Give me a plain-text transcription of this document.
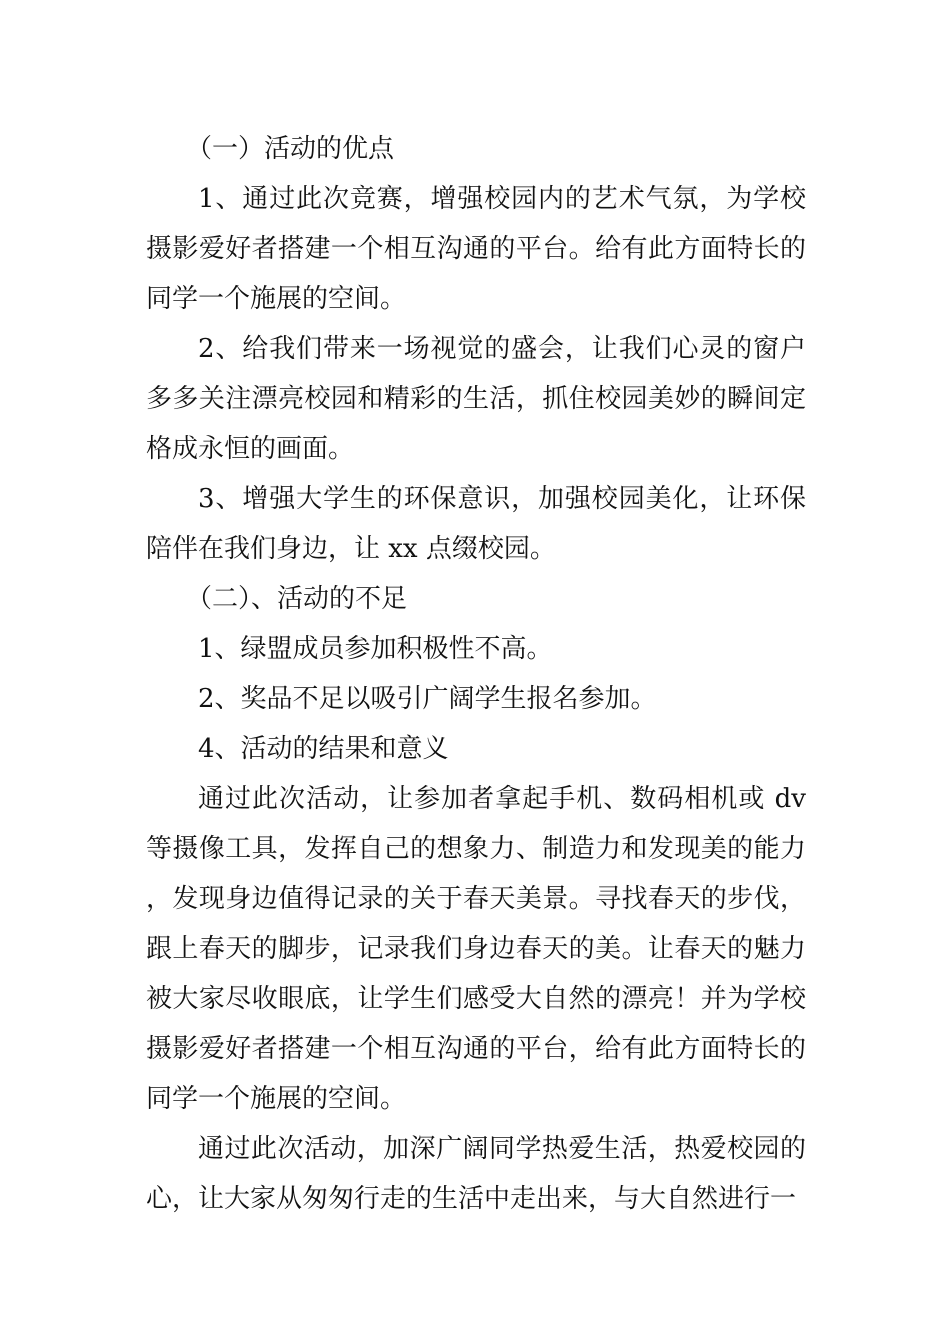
（一）活动的优点

1、通过此次竞赛，增强校园内的艺术气氛，为学校摄影爱好者搭建一个相互沟通的平台。给有此方面特长的同学一个施展的空间。

2、给我们带来一场视觉的盛会，让我们心灵的窗户多多关注漂亮校园和精彩的生活，抓住校园美妙的瞬间定格成永恒的画面。

3、增强大学生的环保意识，加强校园美化，让环保陪伴在我们身边，让 xx 点缀校园。

（二）、活动的不足

1、绿盟成员参加积极性不高。

2、奖品不足以吸引广阔学生报名参加。

4、活动的结果和意义

通过此次活动，让参加者拿起手机、数码相机或 dv 等摄像工具，发挥自己的想象力、制造力和发现美的能力，发现身边值得记录的关于春天美景。寻找春天的步伐，跟上春天的脚步，记录我们身边春天的美。让春天的魅力被大家尽收眼底，让学生们感受大自然的漂亮！并为学校摄影爱好者搭建一个相互沟通的平台，给有此方面特长的同学一个施展的空间。

通过此次活动，加深广阔同学热爱生活，热爱校园的心，让大家从匆匆行走的生活中走出来，与大自然进行一
